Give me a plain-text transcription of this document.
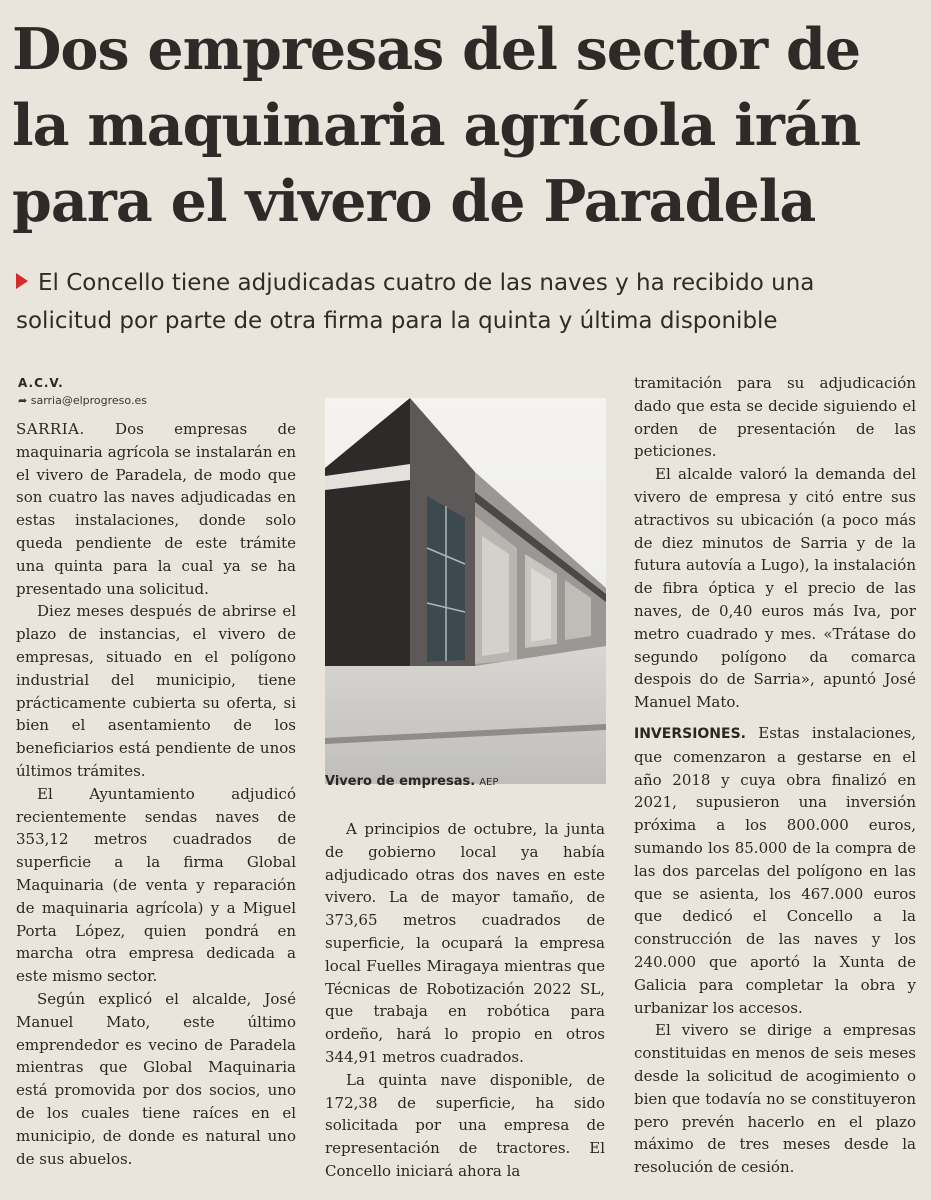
Dos empresas del sector de la maquinaria agrícola irán para el vivero de Paradela
El Concello tiene adjudicadas cuatro de las naves y ha recibido una solicitud por parte de otra firma para la quinta y última disponible
A.C.V.
➦ sarria@elprogreso.es

SARRIA. Dos empresas de maquinaria agrícola se instalarán en el vivero de Paradela, de modo que son cuatro las naves adjudicadas en estas instalaciones, donde solo queda pendiente de este trámite una quinta para la cual ya se ha presentado una solicitud.

Diez meses después de abrirse el plazo de instancias, el vivero de empresas, situado en el polígono industrial del municipio, tiene prácticamente cubierta su oferta, si bien el asentamiento de los beneficiarios está pendiente de unos últimos trámites.

El Ayuntamiento adjudicó recientemente sendas naves de 353,12 metros cuadrados de superficie a la firma Global Maquinaria (de venta y reparación de maquinaria agrícola) y a Miguel Porta López, quien pondrá en marcha otra empresa dedicada a este mismo sector.

Según explicó el alcalde, José Manuel Mato, este último emprendedor es vecino de Paradela mientras que Global Maquinaria está promovida por dos socios, uno de los cuales tiene raíces en el municipio, de donde es natural uno de sus abuelos.

Vivero de empresas. AEP

A principios de octubre, la junta de gobierno local ya había adjudicado otras dos naves en este vivero. La de mayor tamaño, de 373,65 metros cuadrados de superficie, la ocupará la empresa local Fuelles Miragaya mientras que Técnicas de Robotización 2022 SL, que trabaja en robótica para ordeño, hará lo propio en otros 344,91 metros cuadrados.

La quinta nave disponible, de 172,38 de superficie, ha sido solicitada por una empresa de representación de tractores. El Concello iniciará ahora la

tramitación para su adjudicación dado que esta se decide siguiendo el orden de presentación de las peticiones.

El alcalde valoró la demanda del vivero de empresa y citó entre sus atractivos su ubicación (a poco más de diez minutos de Sarria y de la futura autovía a Lugo), la instalación de fibra óptica y el precio de las naves, de 0,40 euros más Iva, por metro cuadrado y mes. «Trátase do segundo polígono da comarca despois do de Sarria», apuntó José Manuel Mato.

INVERSIONES. Estas instalaciones, que comenzaron a gestarse en el año 2018 y cuya obra finalizó en 2021, supusieron una inversión próxima a los 800.000 euros, sumando los 85.000 de la compra de las dos parcelas del polígono en las que se asienta, los 467.000 euros que dedicó el Concello a la construcción de las naves y los 240.000 que aportó la Xunta de Galicia para completar la obra y urbanizar los accesos.

El vivero se dirige a empresas constituidas en menos de seis meses desde la solicitud de acogimiento o bien que todavía no se constituyeron pero prevén hacerlo en el plazo máximo de tres meses desde la resolución de cesión.
